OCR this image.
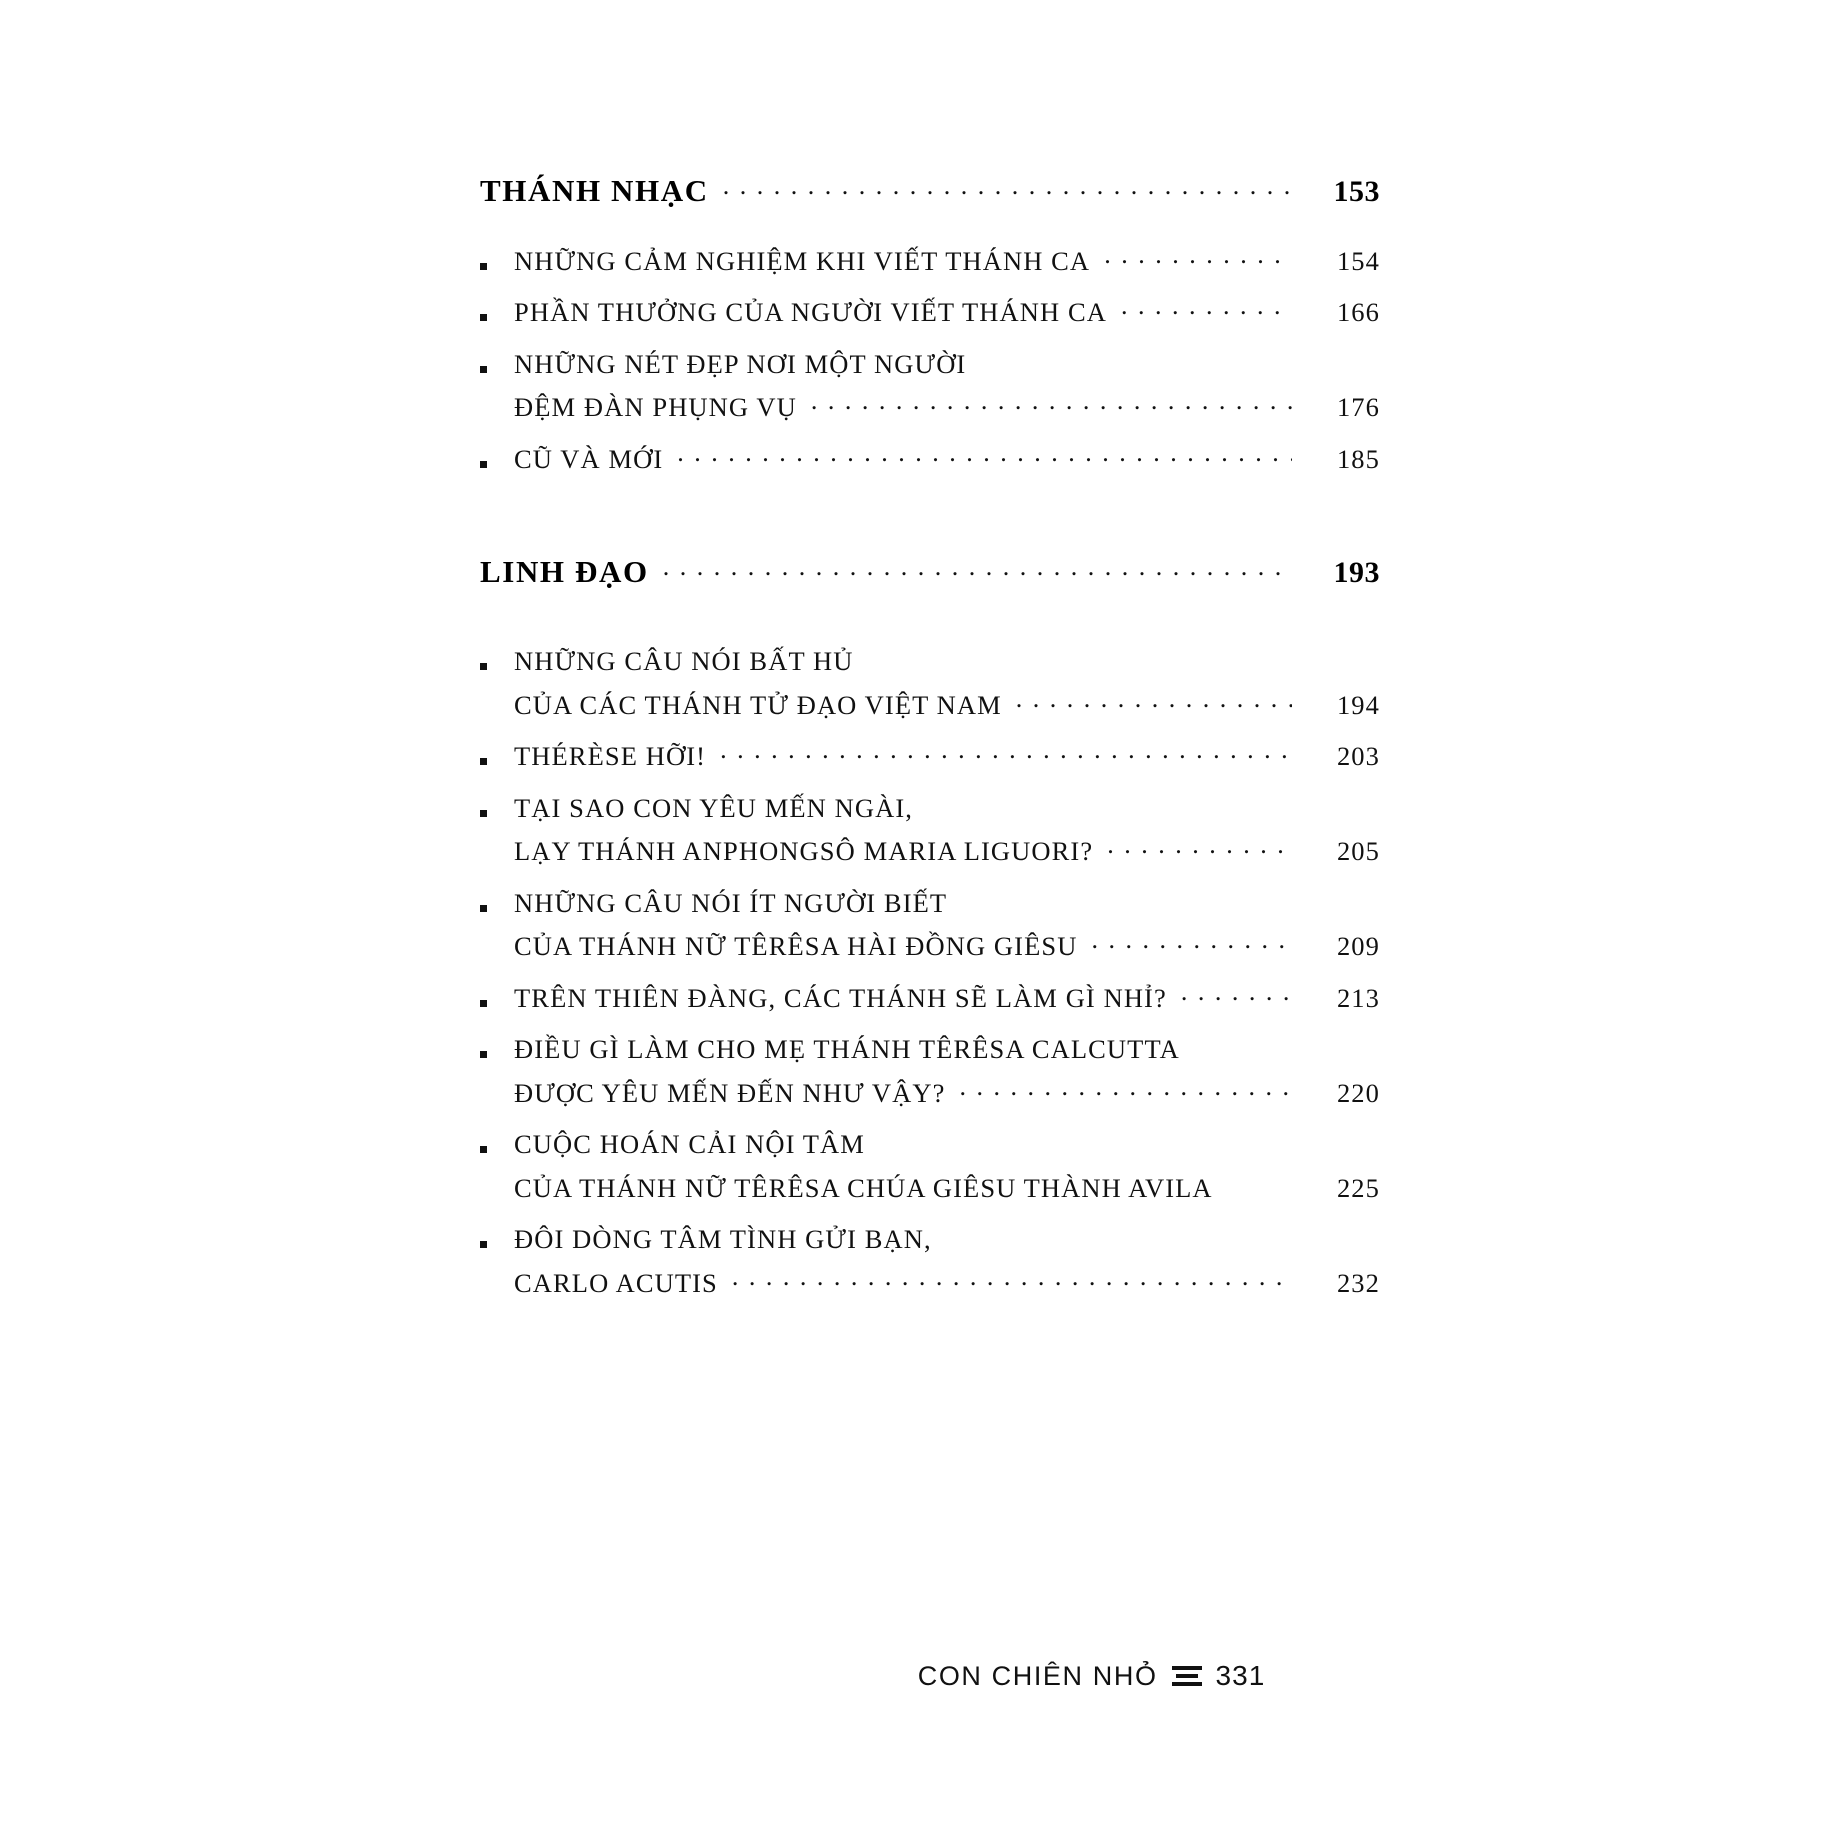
THÁNH NHẠC . . .	153
NHỮNG CẢM NGHIỆM KHI VIẾT THÁNH CA . . .	154
PHẦN THƯỞNG CỦA NGƯỜI VIẾT THÁNH CA . . .	166
NHỮNG NÉT ĐẸP NƠI MỘT NGƯỜI
ĐỆM ĐÀN PHỤNG VỤ . . .	176
CŨ VÀ MỚI . . .	185
LINH ĐẠO . . .	193
NHỮNG CÂU NÓI BẤT HỦ
CỦA CÁC THÁNH TỬ ĐẠO VIỆT NAM . . .	194
THÉRÈSE HỠI! . . .	203
TẠI SAO CON YÊU MẾN NGÀI,
LẠY THÁNH ANPHONGSÔ MARIA LIGUORI? . . .	205
NHỮNG CÂU NÓI ÍT NGƯỜI BIẾT
CỦA THÁNH NỮ TÊRÊSA HÀI ĐỒNG GIÊSU . . .	209
TRÊN THIÊN ĐÀNG, CÁC THÁNH SẼ LÀM GÌ NHỈ? . . .	213
ĐIỀU GÌ LÀM CHO MẸ THÁNH TÊRÊSA CALCUTTA
ĐƯỢC YÊU MẾN ĐẾN NHƯ VẬY? . . .	220
CUỘC HOÁN CẢI NỘI TÂM
CỦA THÁNH NỮ TÊRÊSA CHÚA GIÊSU THÀNH AVILA	225
ĐÔI DÒNG TÂM TÌNH GỬI BẠN,
CARLO ACUTIS . . .	232
CON CHIÊN NHỎ 331
